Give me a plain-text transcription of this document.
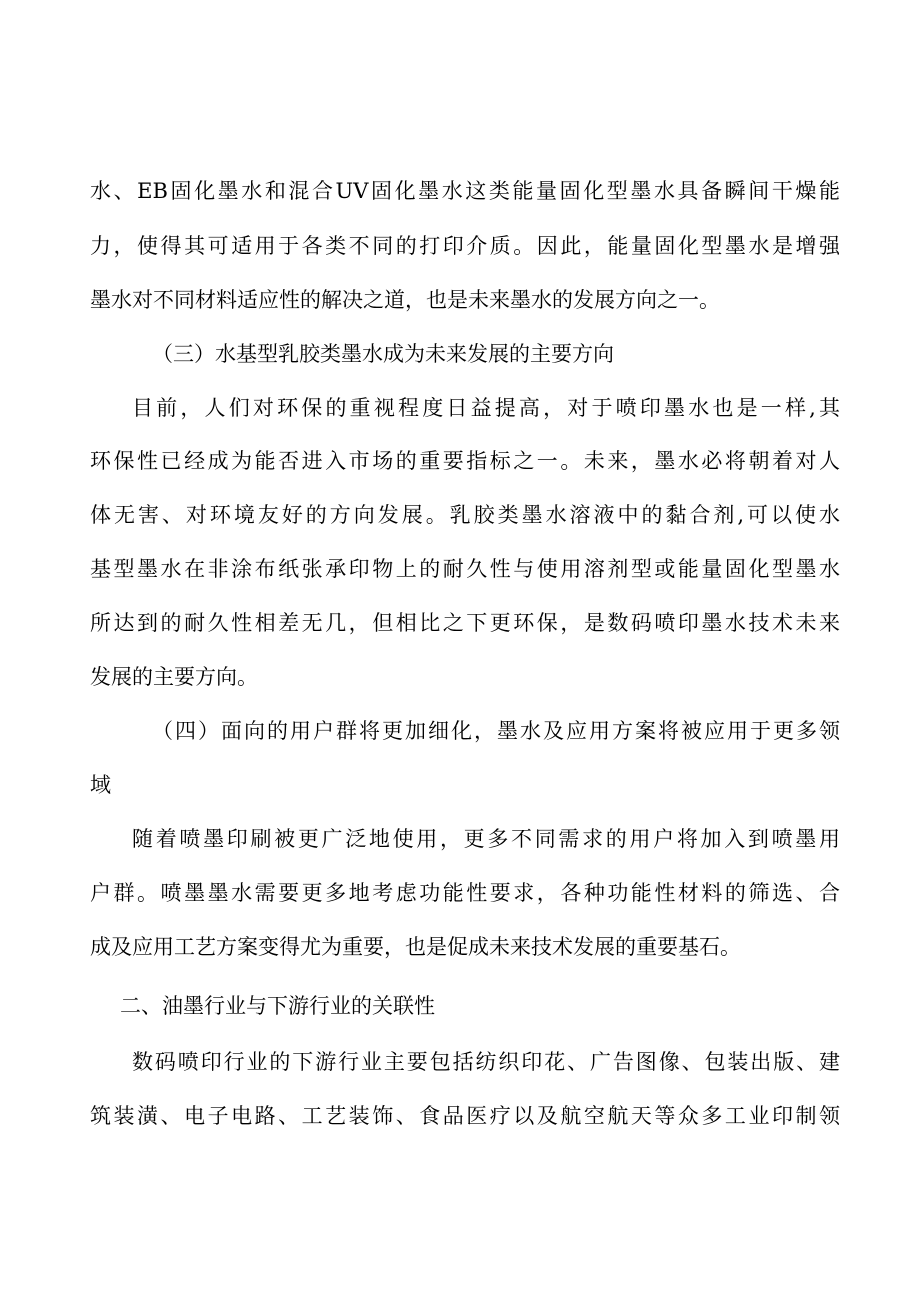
水、EB固化墨水和混合UV固化墨水这类能量固化型墨水具备瞬间干燥能
力，使得其可适用于各类不同的打印介质。因此，能量固化型墨水是增强
墨水对不同材料适应性的解决之道，也是未来墨水的发展方向之一。
（三）水基型乳胶类墨水成为未来发展的主要方向
目前，人们对环保的重视程度日益提高，对于喷印墨水也是一样,其
环保性已经成为能否进入市场的重要指标之一。未来，墨水必将朝着对人
体无害、对环境友好的方向发展。乳胶类墨水溶液中的黏合剂,可以使水
基型墨水在非涂布纸张承印物上的耐久性与使用溶剂型或能量固化型墨水
所达到的耐久性相差无几，但相比之下更环保，是数码喷印墨水技术未来
发展的主要方向。
（四）面向的用户群将更加细化，墨水及应用方案将被应用于更多领
域
随着喷墨印刷被更广泛地使用，更多不同需求的用户将加入到喷墨用
户群。喷墨墨水需要更多地考虑功能性要求，各种功能性材料的筛选、合
成及应用工艺方案变得尤为重要，也是促成未来技术发展的重要基石。
二、油墨行业与下游行业的关联性
数码喷印行业的下游行业主要包括纺织印花、广告图像、包装出版、建
筑装潢、电子电路、工艺装饰、食品医疗以及航空航天等众多工业印制领
